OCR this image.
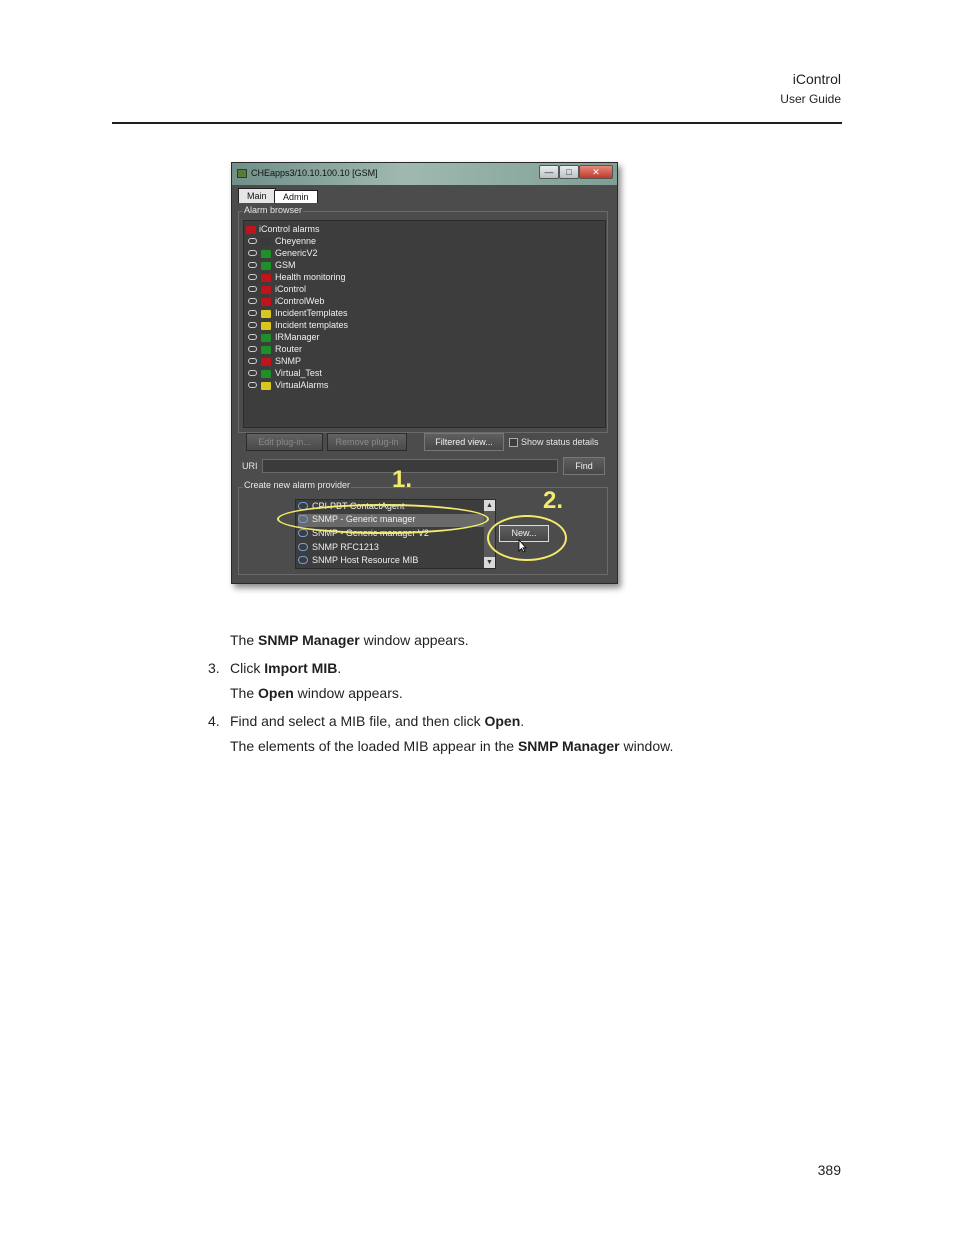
iControl
User Guide
CHEapps3/10.10.100.10 [GSM]	—	□	✕
Main	Admin
Alarm browser
iControl alarms
Cheyenne
GenericV2
GSM
Health monitoring
iControl
iControlWeb
IncidentTemplates
Incident templates
IRManager
Router
SNMP
Virtual_Test
VirtualAlarms
Edit plug-in...	Remove plug-in	Filtered view...	Show status details
URI	Find
Create new alarm provider
CPI-PBT ContactAgent
SNMP - Generic manager
SNMP - Generic manager V2
SNMP RFC1213
SNMP Host Resource MIB
▲
▼
New...
1.
2.
The SNMP Manager window appears.
3. Click Import MIB.
The Open window appears.
4. Find and select a MIB file, and then click Open.
The elements of the loaded MIB appear in the SNMP Manager window.
389
